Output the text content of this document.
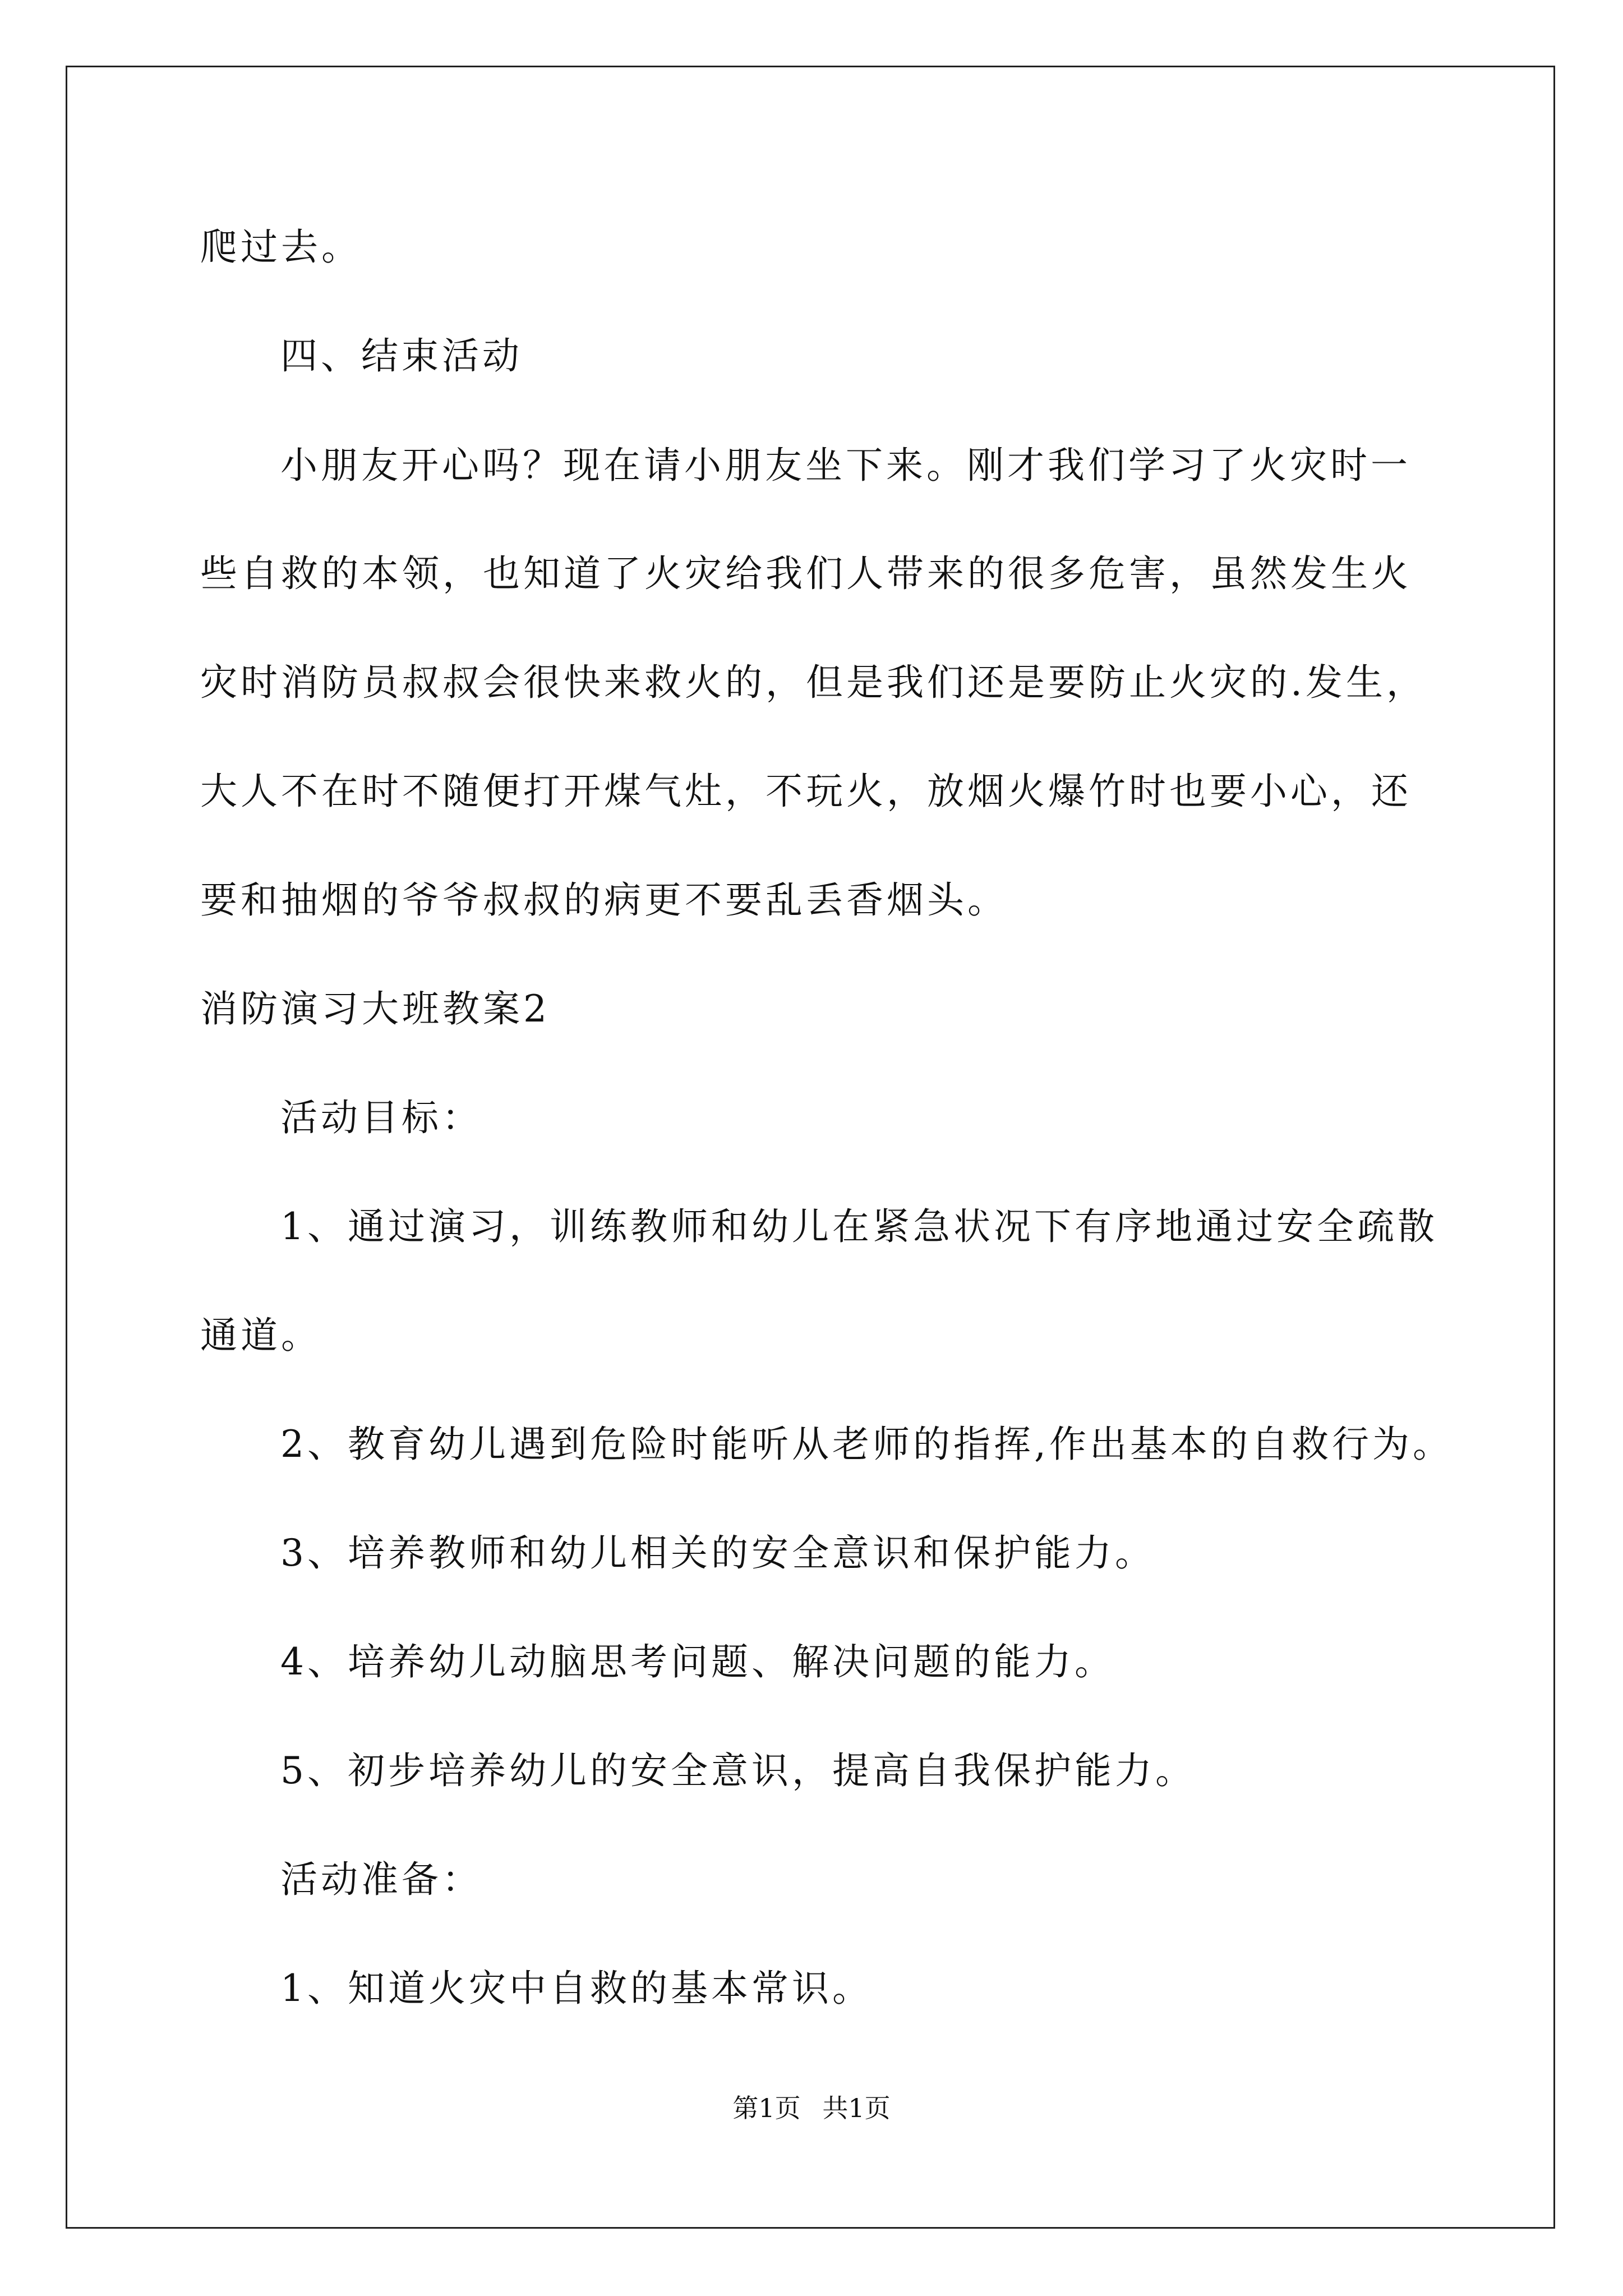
爬过去。
四、结束活动
小朋友开心吗？现在请小朋友坐下来。刚才我们学习了火灾时一
些自救的本领，也知道了火灾给我们人带来的很多危害，虽然发生火
灾时消防员叔叔会很快来救火的，但是我们还是要防止火灾的.发生，
大人不在时不随便打开煤气灶，不玩火，放烟火爆竹时也要小心，还
要和抽烟的爷爷叔叔的病更不要乱丢香烟头。
消防演习大班教案2
活动目标：
1、通过演习，训练教师和幼儿在紧急状况下有序地通过安全疏散
通道。
2、教育幼儿遇到危险时能听从老师的指挥,作出基本的自救行为。
3、培养教师和幼儿相关的安全意识和保护能力。
4、培养幼儿动脑思考问题、解决问题的能力。
5、初步培养幼儿的安全意识，提高自我保护能力。
活动准备：
1、知道火灾中自救的基本常识。
第1页 共1页
